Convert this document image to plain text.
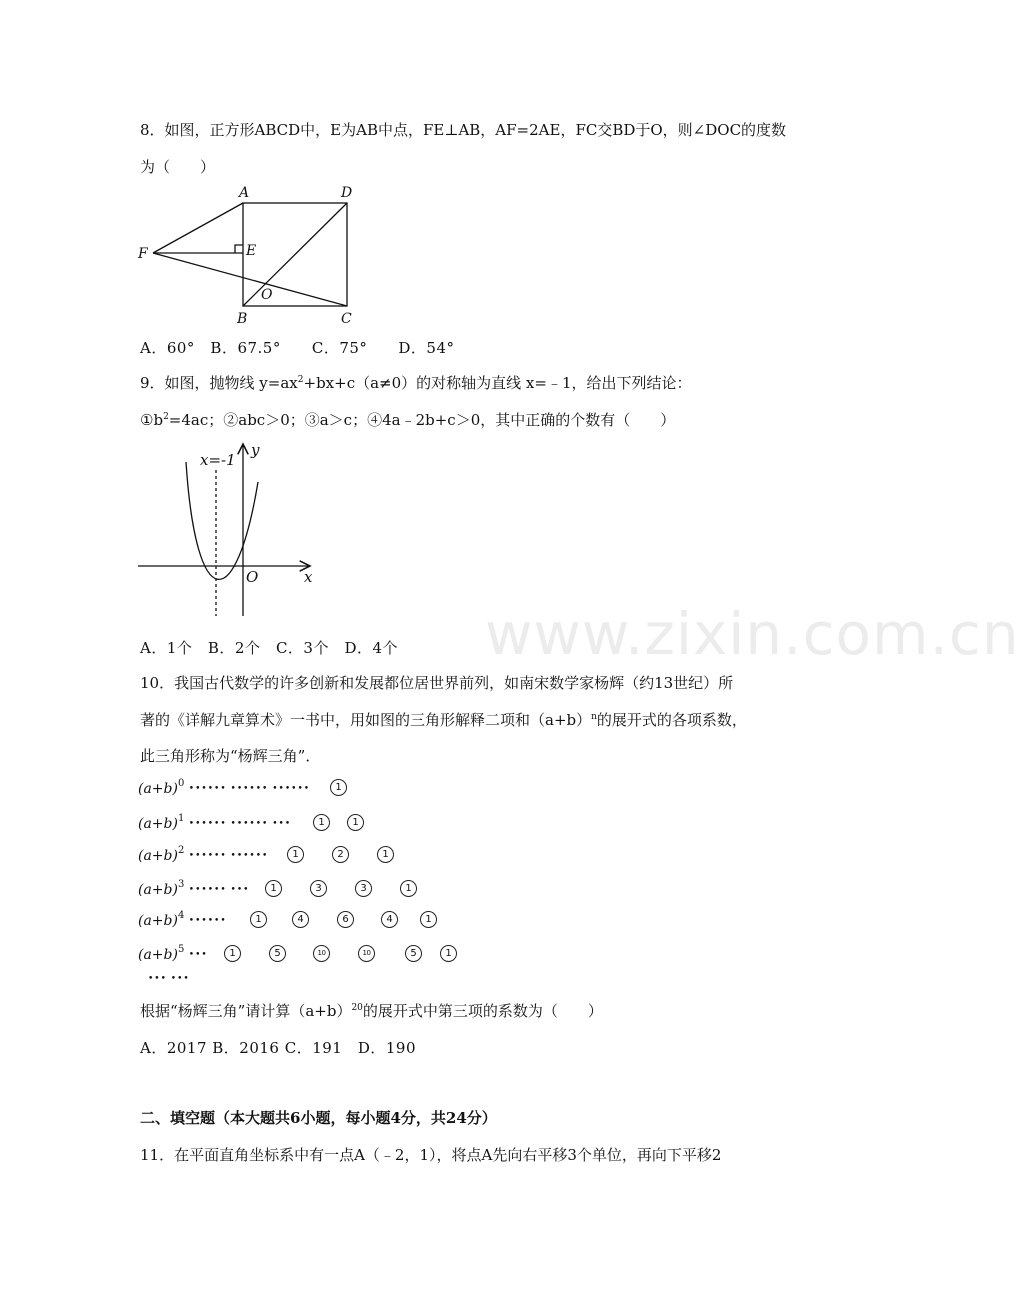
www.zixin.com.cn
8．如图，正方形ABCD中，E为AB中点，FE⊥AB，AF=2AE，FC交BD于O，则∠DOC的度数
为（　　）
A	D
F	E
O
B	C
A．60°　B．67.5°　　C．75°　　D．54°
9．如图，抛物线 $y=ax^2+bx+c(a\ne 0)$的对称轴为直线 x=﹣1，给出下列结论：
$①b^2=4ac$；②abc＞0；③a＞c；④4a﹣2b+c＞0，其中正确的个数有（　　）
x=-1
y
x
O
A．1个　B．2个　C．3个　D．4个
10．我国古代数学的许多创新和发展都位居世界前列，如南宋数学家杨辉（约13世纪）所
著的《详解九章算术》一书中，用如图的三角形解释二项和$(a+b)^n$的展开式的各项系数，
此三角形称为“杨辉三角”．
$(a+b)^0$ •••••• •••••• ••••••	1
$(a+b)^1$ •••••• •••••• •••	1	1
$(a+b)^2$ •••••• ••••••	1	2	1
$(a+b)^3$ •••••• •••	1	3	3	1
$(a+b)^4$ ••••••	1	4	6	4	1
$(a+b)^5$ •••	1	5	10	10	5	1
••• •••
根据“杨辉三角”请计算$(a+b)^{20}$的展开式中第三项的系数为（　　）
A．2017 B．2016 C．191　D．190
二、填空题（本大题共6小题，每小题4分，共24分）
11．在平面直角坐标系中有一点A（﹣2，1），将点A先向右平移3个单位，再向下平移2
